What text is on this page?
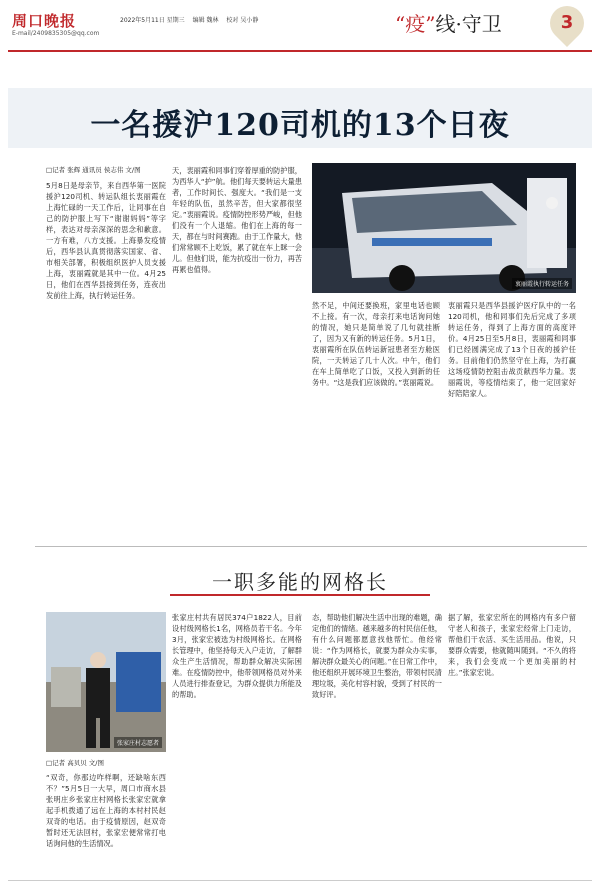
周口晚报
E-mail/2409835305@qq.com
2022年5月11日 星期三 编辑 魏林 校对 吴小静	“疫”线·守卫	3
一名援沪120司机的13个日夜
□记者 张辉 通讯员 侯志伟 文/图
5月8日是母亲节，来自西华第一医院援沪120司机、转运队组长衷丽霞在上海忙碌的一天工作后，让同事在自己的防护服上写下“谢谢妈妈”等字样，表达对母亲深深的思念和歉意。一方有难，八方支援。上海暴发疫情后，西华县认真贯彻落实国家、省、市相关部署，积极组织医护人员支援上海，衷丽霞就是其中一位。4月25日，他们在西华县接到任务，连夜出发前往上海，执行转运任务。
天，衷丽霞和同事们穿着厚重的防护服，为西华人“护”航。他们每天要转运大量患者，工作时间长、强度大。“我们是一支年轻的队伍，虽然辛苦，但大家都很坚定。”衷丽霞说。疫情防控形势严峻，但他们没有一个人退缩。他们在上海的每一天，都在与时间赛跑。由于工作量大，他们常常顾不上吃饭，累了就在车上眯一会儿。但他们说，能为抗疫出一份力，再苦再累也值得。
衷丽霞执行转运任务
然不足，中间还要换班，家里电话也顾不上接。有一次，母亲打来电话询问她的情况，她只是简单说了几句就挂断了，因为又有新的转运任务。5月1日，衷丽霞所在队伍转运新冠患者至方舱医院，一天转运了几十人次。中午，他们在车上简单吃了口饭，又投入到新的任务中。“这是我们应该做的。”衷丽霞说。
衷丽霞只是西华县援沪医疗队中的一名120司机，他和同事们先后完成了多项转运任务，得到了上海方面的高度评价。4月25日至5月8日，衷丽霞和同事们已经圆满完成了13个日夜的援沪任务。目前他们仍然坚守在上海，为打赢这场疫情防控阻击战贡献西华力量。衷丽霞说，等疫情结束了，他一定回家好好陪陪家人。
一职多能的网格长
张家庄村志愿者
□记者 高贝贝 文/图
“双奇，你那边咋样啊，还缺啥东西不？”5月5日一大早，周口市商水县张明庄乡张家庄村网格长张家宏就拿起手机拨通了远在上海的本村村民赵双奇的电话。由于疫情原因，赵双奇暂时还无法回村，张家宏便常常打电话询问他的生活情况。
张家庄村共有居民374户1822人，目前设村级网格长1名，网格员若干名。今年3月，张家宏被选为村级网格长。在网格长管理中，他坚持每天入户走访，了解群众生产生活情况，帮助群众解决实际困难。在疫情防控中，他带领网格员对外来人员进行排查登记，为群众提供力所能及的帮助。
态，帮助他们解决生活中出现的难题，确定他们的情绪。越来越多的村民信任他，有什么问题都愿意找他帮忙。他经常说：“作为网格长，就要为群众办实事，解决群众最关心的问题。”在日常工作中，他还组织开展环境卫生整治，带领村民清理垃圾，美化村容村貌，受到了村民的一致好评。
据了解，张家宏所在的网格内有多户留守老人和孩子，张家宏经常上门走访，帮他们干农活、买生活用品。他说，只要群众需要，他就随叫随到。“不久的将来，我们会变成一个更加美丽的村庄。”张家宏说。
